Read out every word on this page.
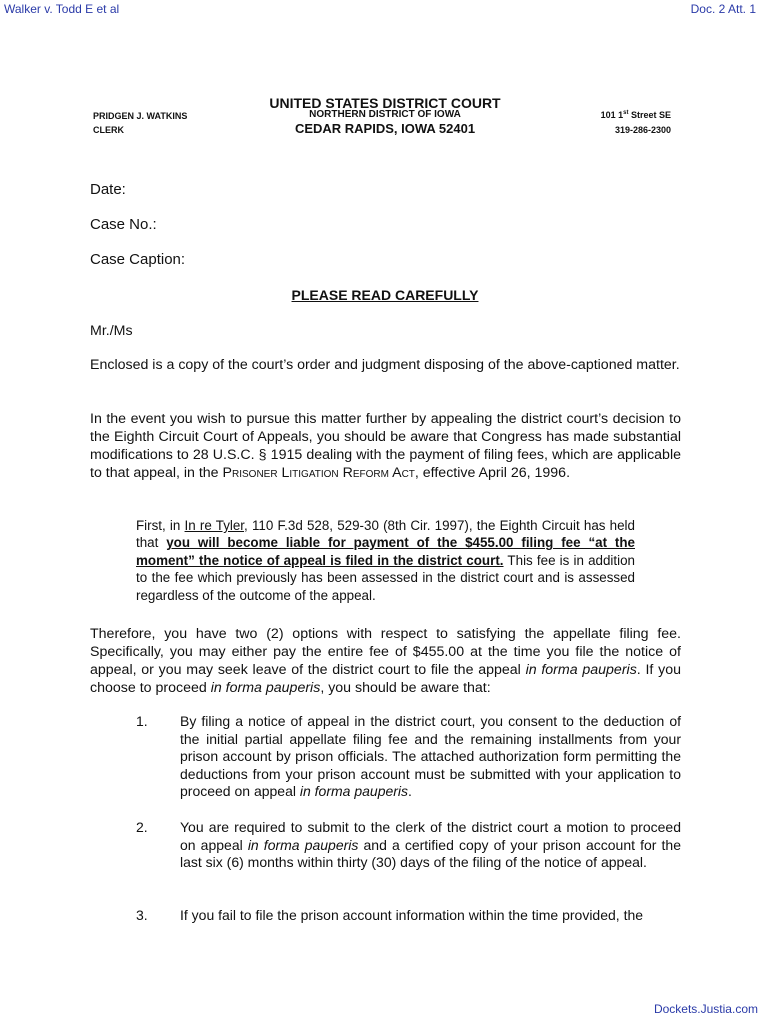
Walker v. Todd E et al	Doc. 2 Att. 1
UNITED STATES DISTRICT COURT
NORTHERN DISTRICT OF IOWA
CEDAR RAPIDS, IOWA 52401
PRIDGEN J. WATKINS
CLERK
101 1st Street SE
319-286-2300
Date:
Case No.:
Case Caption:
PLEASE READ CAREFULLY
Mr./Ms
Enclosed is a copy of the court’s order and judgment disposing of the above-captioned matter.
In the event you wish to pursue this matter further by appealing the district court’s decision to the Eighth Circuit Court of Appeals, you should be aware that Congress has made substantial modifications to 28 U.S.C. § 1915 dealing with the payment of filing fees, which are applicable to that appeal, in the Prisoner Litigation Reform Act, effective April 26, 1996.
First, in In re Tyler, 110 F.3d 528, 529-30 (8th Cir. 1997), the Eighth Circuit has held that you will become liable for payment of the $455.00 filing fee “at the moment” the notice of appeal is filed in the district court. This fee is in addition to the fee which previously has been assessed in the district court and is assessed regardless of the outcome of the appeal.
Therefore, you have two (2) options with respect to satisfying the appellate filing fee. Specifically, you may either pay the entire fee of $455.00 at the time you file the notice of appeal, or you may seek leave of the district court to file the appeal in forma pauperis. If you choose to proceed in forma pauperis, you should be aware that:
1. By filing a notice of appeal in the district court, you consent to the deduction of the initial partial appellate filing fee and the remaining installments from your prison account by prison officials. The attached authorization form permitting the deductions from your prison account must be submitted with your application to proceed on appeal in forma pauperis.
2. You are required to submit to the clerk of the district court a motion to proceed on appeal in forma pauperis and a certified copy of your prison account for the last six (6) months within thirty (30) days of the filing of the notice of appeal.
3. If you fail to file the prison account information within the time provided, the
Dockets.Justia.com
